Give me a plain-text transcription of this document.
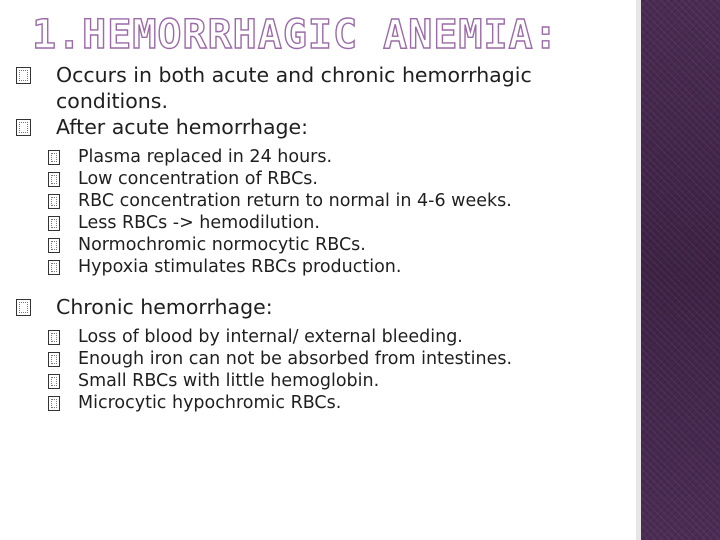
1.HEMORRHAGIC ANEMIA:
Occurs in both acute and chronic hemorrhagic conditions.
After acute hemorrhage:
Plasma replaced in 24 hours.
Low concentration of RBCs.
RBC concentration return to normal in 4-6 weeks.
Less RBCs -> hemodilution.
Normochromic normocytic RBCs.
Hypoxia stimulates RBCs production.
Chronic hemorrhage:
Loss of blood by internal/ external bleeding.
Enough iron can not be absorbed from intestines.
Small RBCs with little hemoglobin.
Microcytic hypochromic RBCs.
